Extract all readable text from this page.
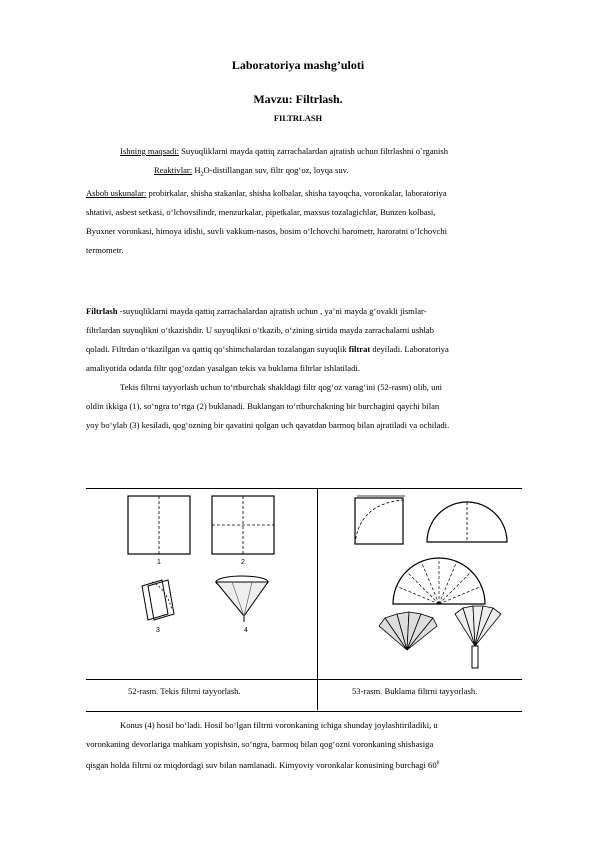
Laboratoriya mashg’uloti
Mavzu: Filtrlash.
FILTRLASH
Ishning maqsadi: Suyuqliklarni mayda qattiq zarrachalardan ajratish uchun filtrlashni o`rganish
Reaktivlar: $H_2O$-distillangan suv, filtr qog‘oz, loyqa suv.
Asbob uskunalar: probirkalar, shisha stakanlar, shisha kolbalar, shisha tayoqcha, voronkalar, laboratoriya
shtativi, asbest setkasi, o‘lchovsilindr, menzurkalar, pipetkalar, maxsus tozalagichlar, Bunzen kolbasi,
Byuxner voronkasi, himoya idishi, suvli vakkum-nasos, bosim o‘lchovchi barometr, haroratni o‘lchovchi
termometr.
Filtrlash -suyuqliklarni mayda qattiq zarrachalardan ajratish uchun , ya’ni mayda g‘ovakli jismlar-
filtrlardan suyuqlikni o‘tkazishdir. U suyuqlikni o‘tkazib, o‘zining sirtida mayda zarrachalarni ushlab
qoladi. Filtrdan o‘tkazilgan va qattiq qo‘shimchalardan tozalangan suyuqlik filtrat deyiladi. Laboratoriya
amaliyotida odatda filtr qog‘ozdan yasalgan tekis va buklama filtrlar ishlatiladi.
Tekis filtrni tayyorlash uchun to‘rtburchak shakldagi filtr qog‘oz varag‘ini (52-rasm) olib, uni
oldin ikkiga (1), so‘ngra to‘rtga (2) buklanadi. Buklangan to‘rtburchakning bir burchagini qaychi bilan
yoy bo‘ylab (3) kesiladi, qog‘ozning bir qavatini qolgan uch qavatdan barmoq bilan ajratiladi va ochiladi.
1	2
3	4
52-rasm. Tekis filtrni tayyorlash.	53-rasm. Buklama filtrni tayyorlash.
Konus (4) hosil bo‘ladi. Hosil bo‘lgan filtrni voronkaning ichiga shunday joylashtiriladiki, u
voronkaning devorlariga mahkam yopishsin, so‘ngra, barmoq bilan qog‘ozni voronkaning shishasiga
qisgan holda filtrni oz miqdordagi suv bilan namlanadi. Kimyoviy voronkalar konusining burchagi $60^0$
